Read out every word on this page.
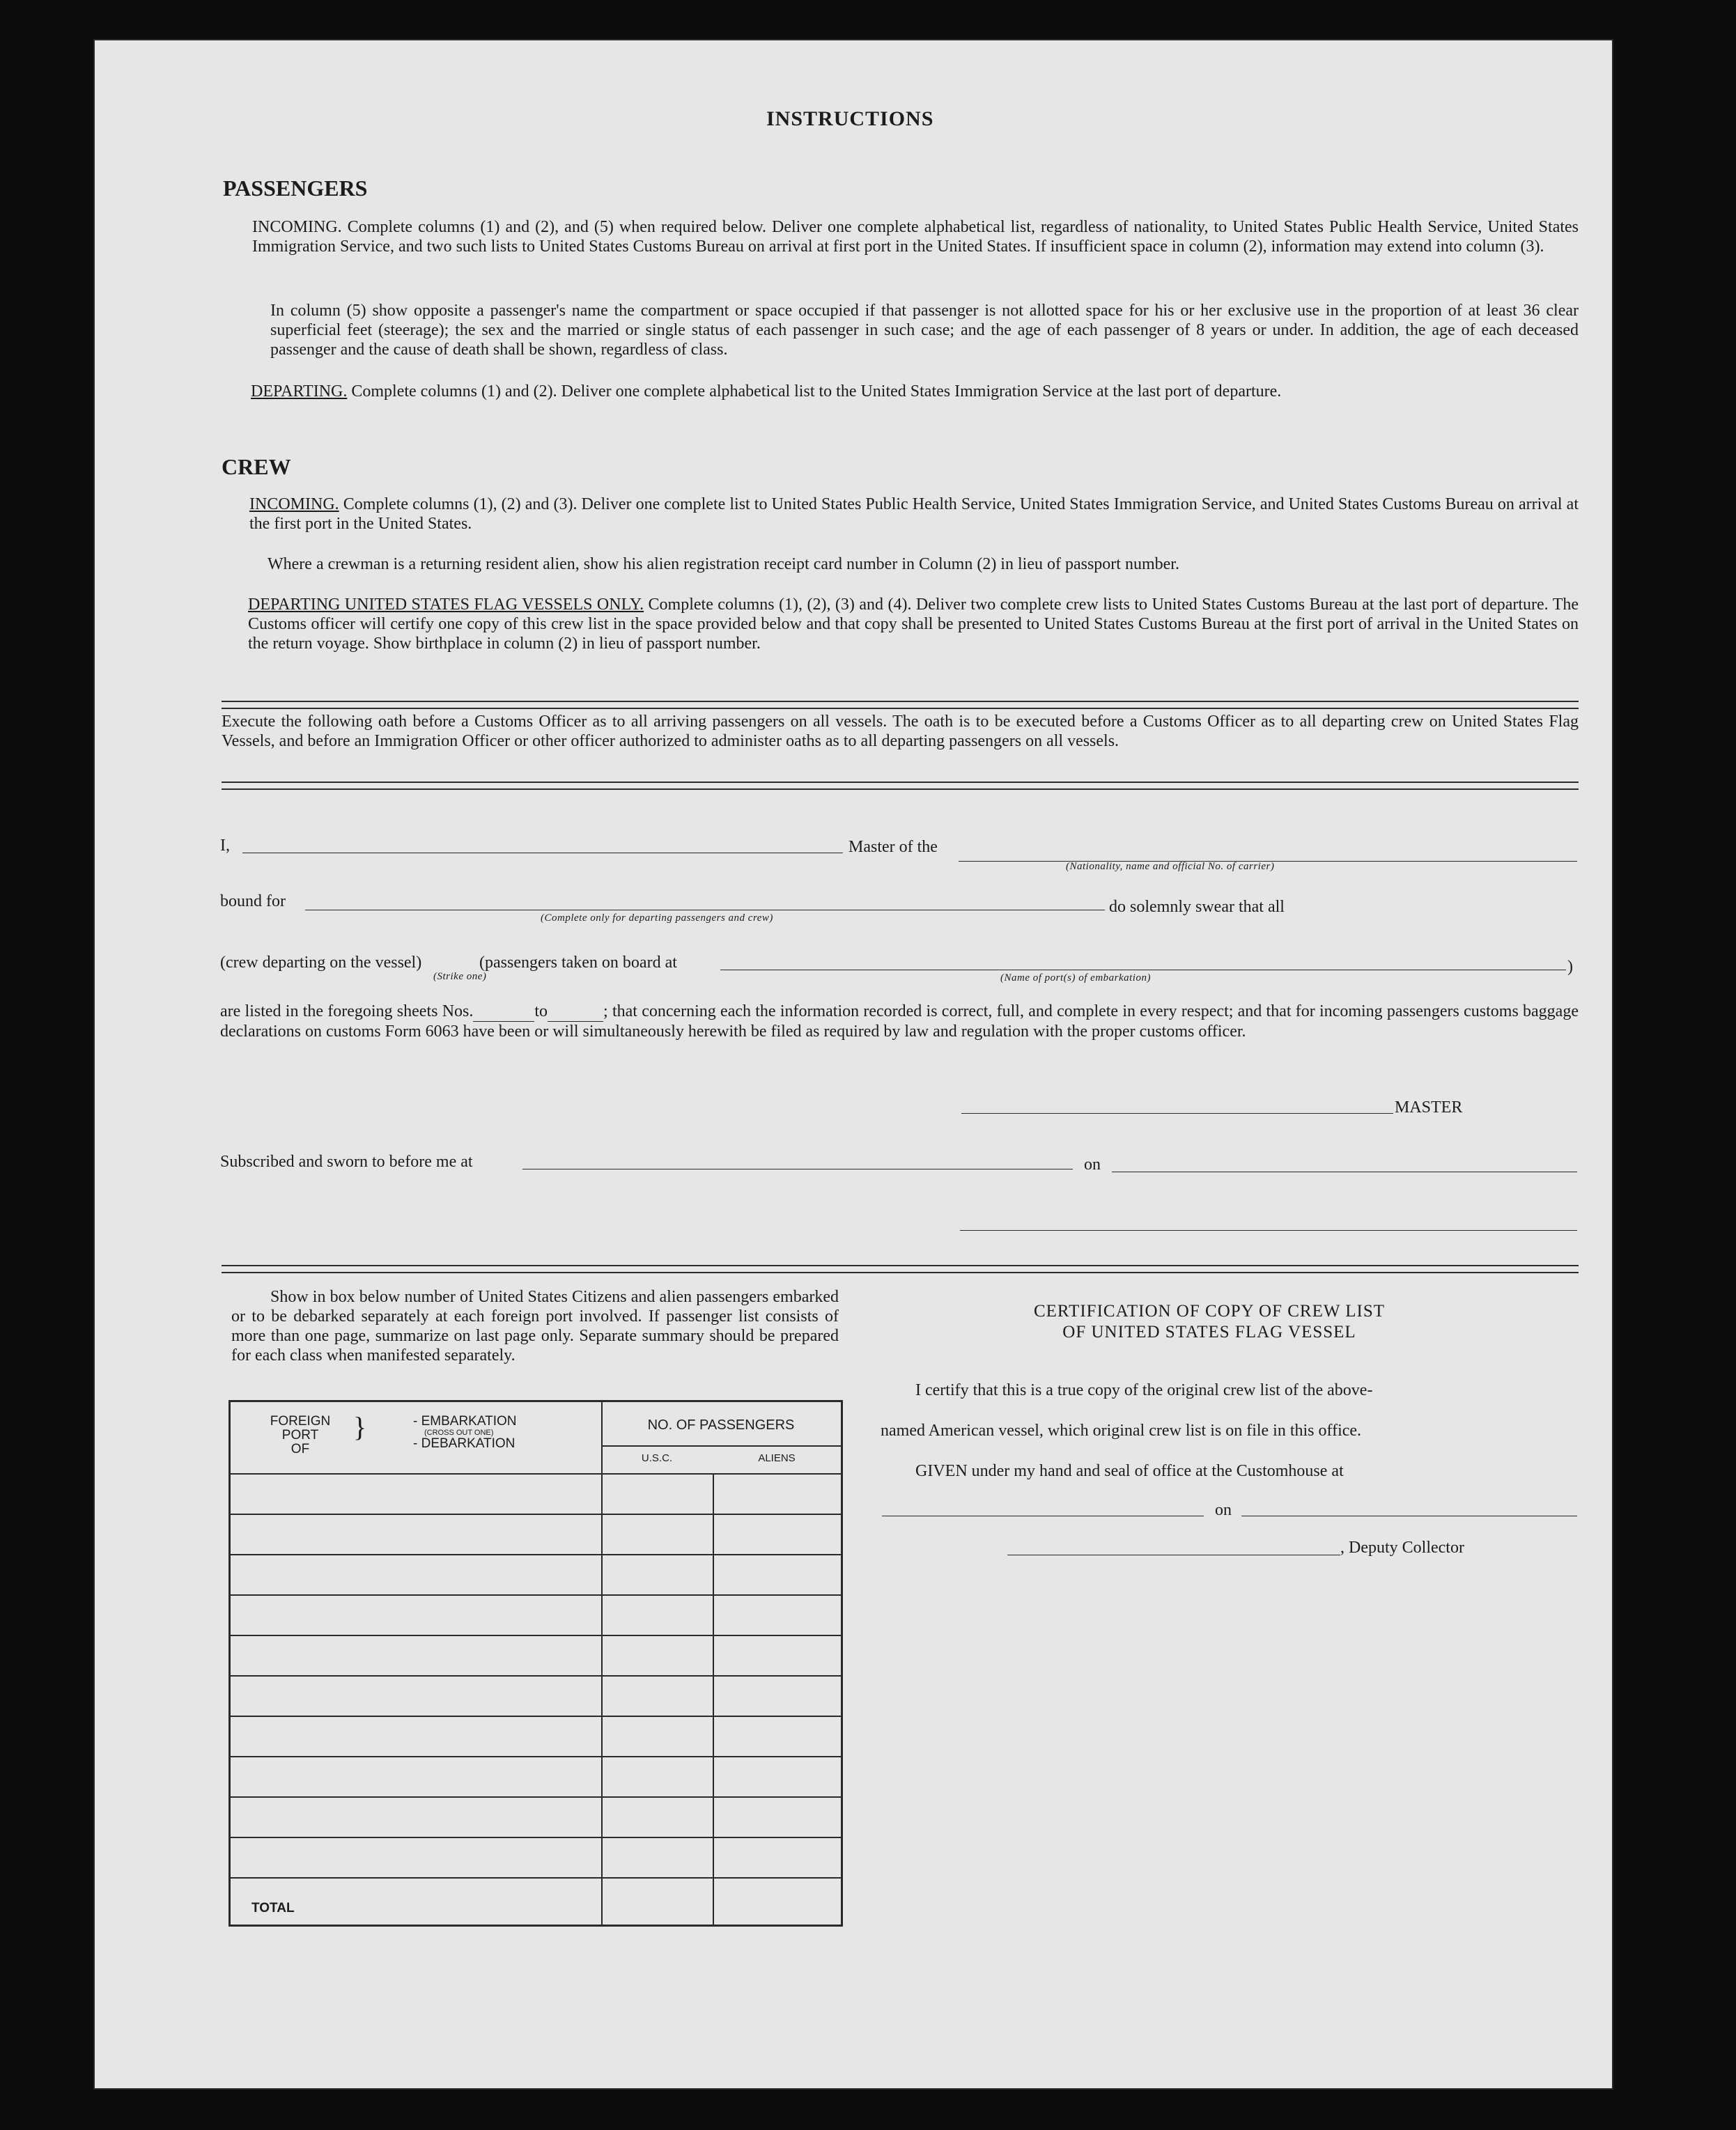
INSTRUCTIONS
PASSENGERS
INCOMING. Complete columns (1) and (2), and (5) when required below. Deliver one complete alphabetical list, regardless of nationality, to United States Public Health Service, United States Immigration Service, and two such lists to United States Customs Bureau on arrival at first port in the United States. If insufficient space in column (2), information may extend into column (3).
In column (5) show opposite a passenger's name the compartment or space occupied if that passenger is not allotted space for his or her exclusive use in the proportion of at least 36 clear superficial feet (steerage); the sex and the married or single status of each passenger in such case; and the age of each passenger of 8 years or under. In addition, the age of each deceased passenger and the cause of death shall be shown, regardless of class.
DEPARTING. Complete columns (1) and (2). Deliver one complete alphabetical list to the United States Immigration Service at the last port of departure.
CREW
INCOMING. Complete columns (1), (2) and (3). Deliver one complete list to United States Public Health Service, United States Immigration Service, and United States Customs Bureau on arrival at the first port in the United States.
Where a crewman is a returning resident alien, show his alien registration receipt card number in Column (2) in lieu of passport number.
DEPARTING UNITED STATES FLAG VESSELS ONLY. Complete columns (1), (2), (3) and (4). Deliver two complete crew lists to United States Customs Bureau at the last port of departure. The Customs officer will certify one copy of this crew list in the space provided below and that copy shall be presented to United States Customs Bureau at the first port of arrival in the United States on the return voyage. Show birthplace in column (2) in lieu of passport number.
Execute the following oath before a Customs Officer as to all arriving passengers on all vessels. The oath is to be executed before a Customs Officer as to all departing crew on United States Flag Vessels, and before an Immigration Officer or other officer authorized to administer oaths as to all departing passengers on all vessels.
I,	Master of the
(Nationality, name and official No. of carrier)
bound for
(Complete only for departing passengers and crew)
do solemnly swear that all
(crew departing on the vessel)
(Strike one)
(passengers taken on board at
(Name of port(s) of embarkation)
)
are listed in the foregoing sheets Nos.	to	; that concerning each the information recorded is correct, full, and complete in every respect; and that for incoming passengers customs baggage declarations on customs Form 6063 have been or will simultaneously herewith be filed as required by law and regulation with the proper customs officer.
MASTER
Subscribed and sworn to before me at	on
Show in box below number of United States Citizens and alien passengers embarked or to be debarked separately at each foreign port involved. If passenger list consists of more than one page, summarize on last page only. Separate summary should be prepared for each class when manifested separately.
FOREIGN
PORT
OF
}	- EMBARKATION
(CROSS OUT ONE)
- DEBARKATION
NO. OF PASSENGERS
U.S.C.	ALIENS
TOTAL
CERTIFICATION OF COPY OF CREW LIST
OF UNITED STATES FLAG VESSEL
I certify that this is a true copy of the original crew list of the above-
named American vessel, which original crew list is on file in this office.
GIVEN under my hand and seal of office at the Customhouse at
on
, Deputy Collector
